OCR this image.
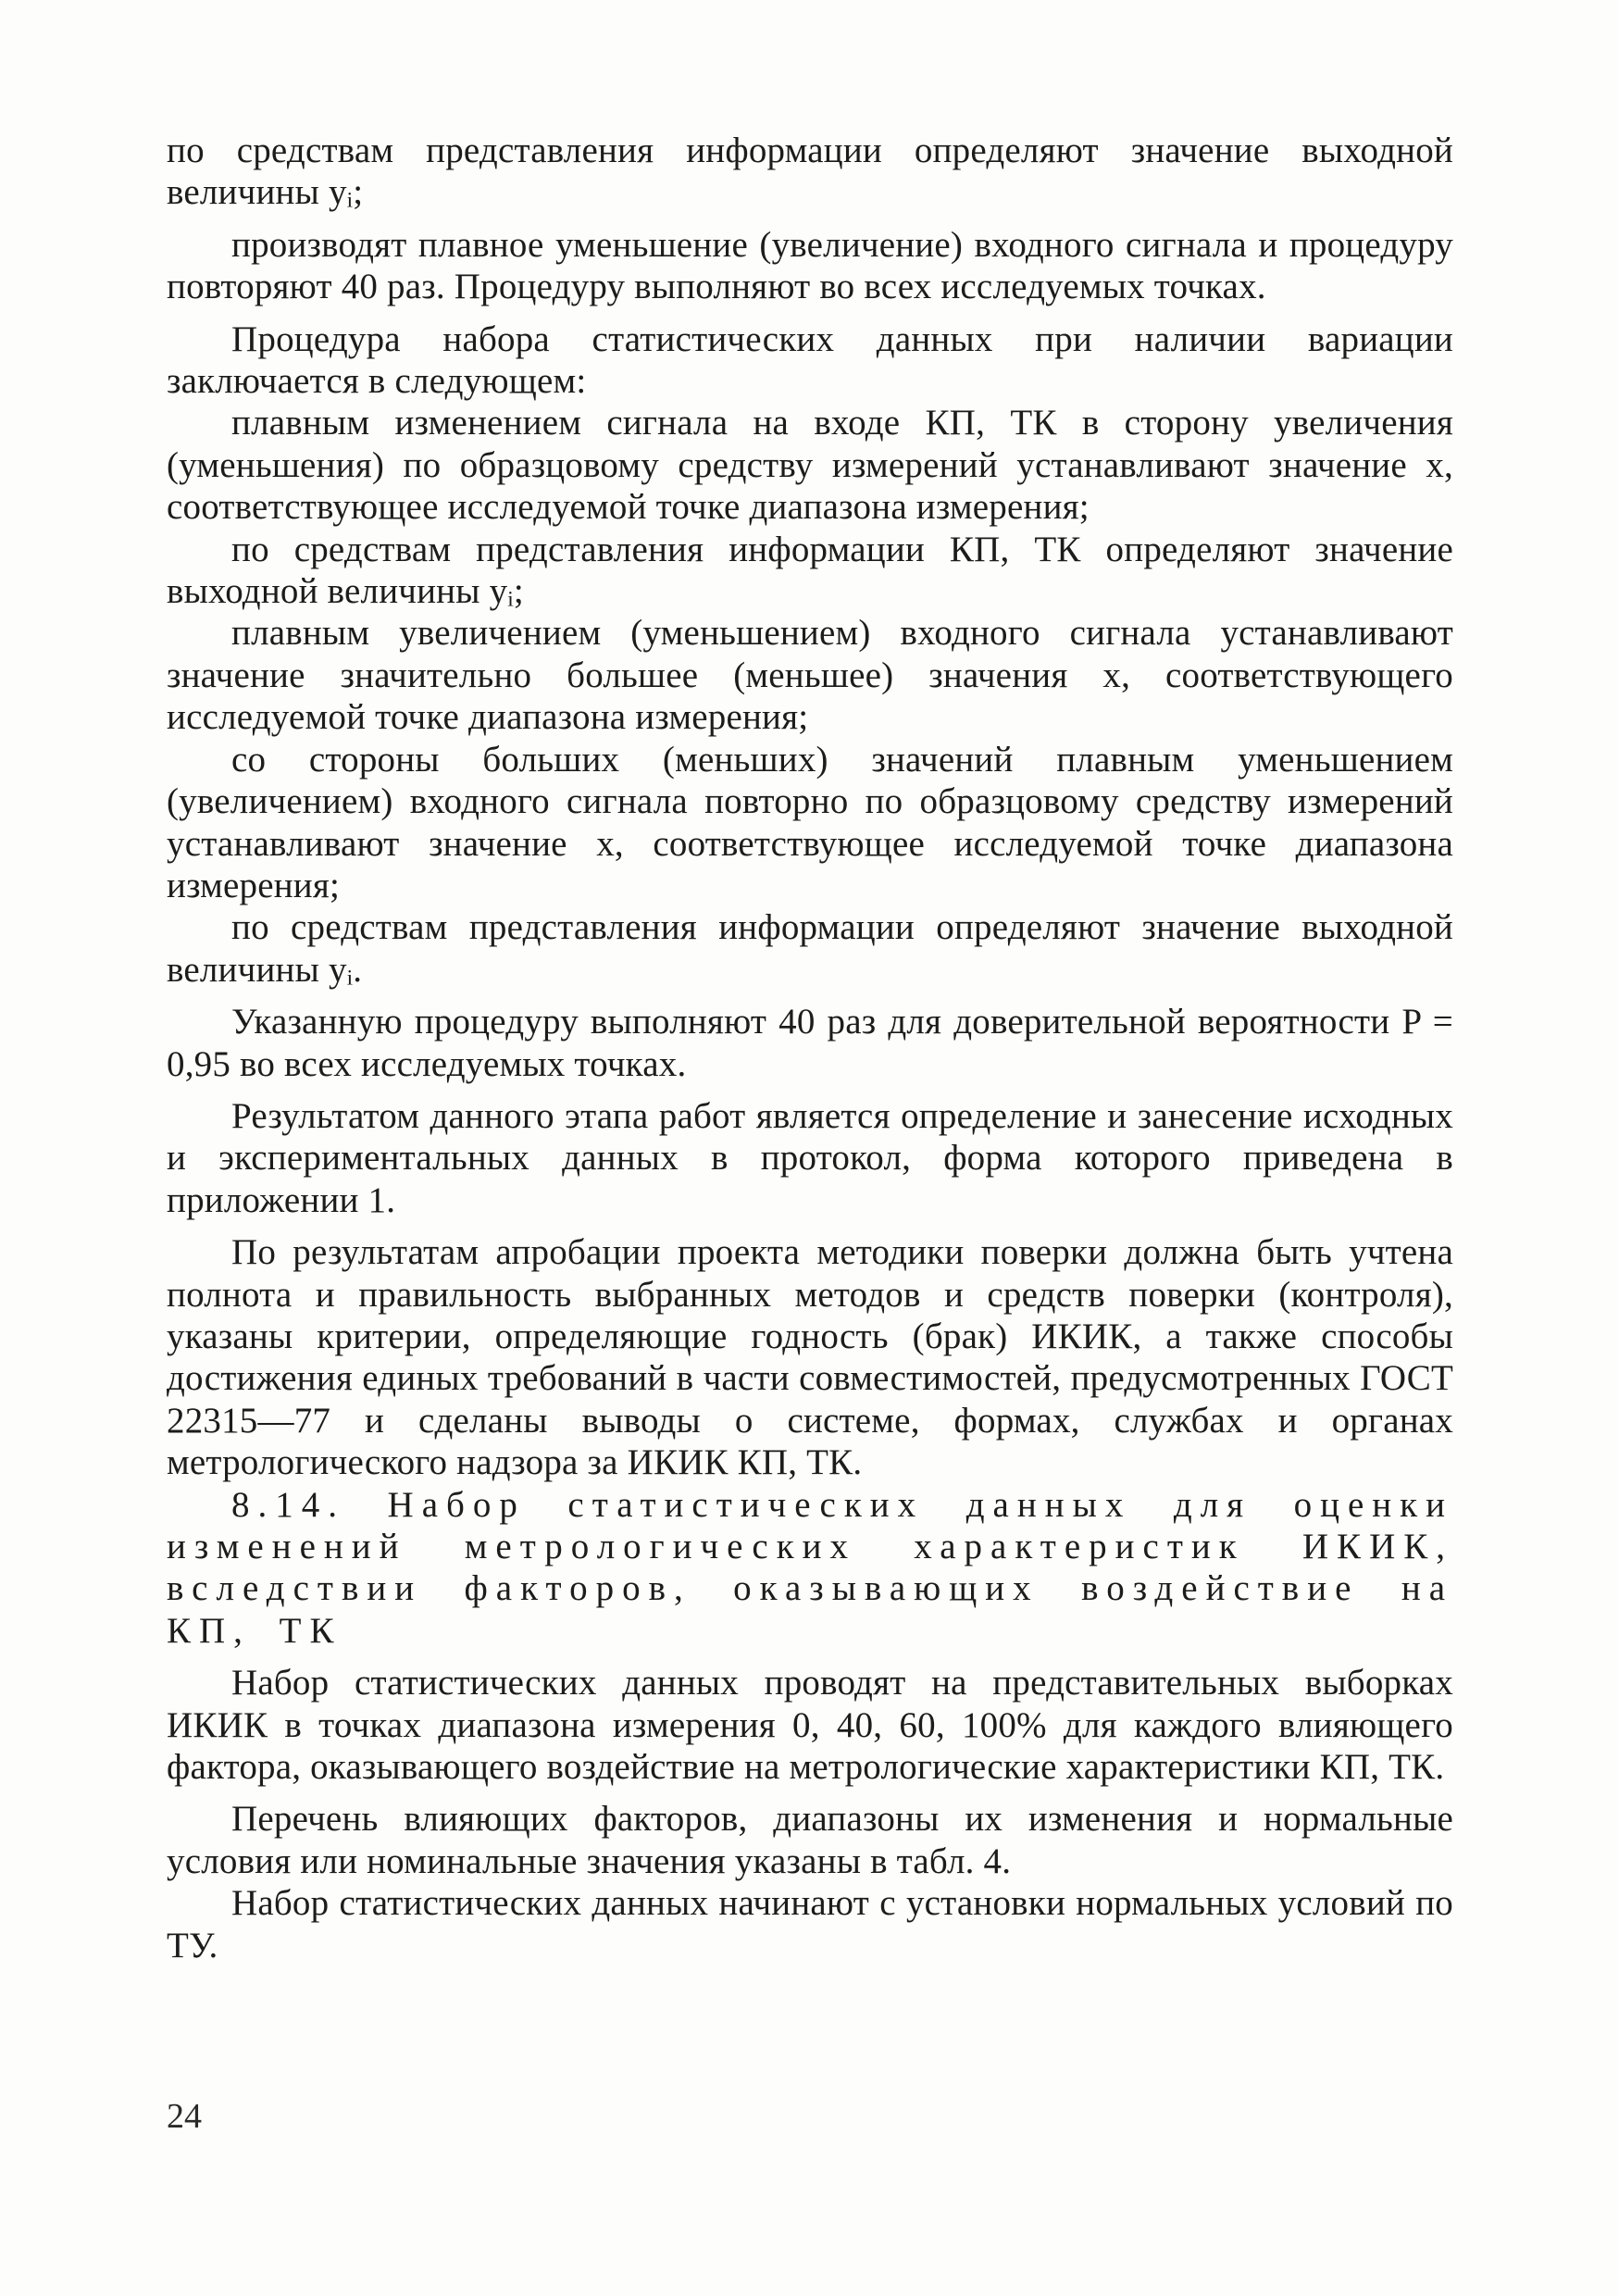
по средствам представления информации определяют значение выходной величины yᵢ;

производят плавное уменьшение (увеличение) входного сигнала и процедуру повторяют 40 раз. Процедуру выполняют во всех исследуемых точках.

Процедура набора статистических данных при наличии вариации заключается в следующем:

плавным изменением сигнала на входе КП, ТК в сторону увеличения (уменьшения) по образцовому средству измерений устанавливают значение x, соответствующее исследуемой точке диапазона измерения;

по средствам представления информации КП, ТК определяют значение выходной величины yᵢ;

плавным увеличением (уменьшением) входного сигнала устанавливают значение значительно большее (меньшее) значения x, соответствующего исследуемой точке диапазона измерения;

со стороны больших (меньших) значений плавным уменьшением (увеличением) входного сигнала повторно по образцовому средству измерений устанавливают значение x, соответствующее исследуемой точке диапазона измерения;

по средствам представления информации определяют значение выходной величины yᵢ.

Указанную процедуру выполняют 40 раз для доверительной вероятности P = 0,95 во всех исследуемых точках.

Результатом данного этапа работ является определение и занесение исходных и экспериментальных данных в протокол, форма которого приведена в приложении 1.

По результатам апробации проекта методики поверки должна быть учтена полнота и правильность выбранных методов и средств поверки (контроля), указаны критерии, определяющие годность (брак) ИКИК, а также способы достижения единых требований в части совместимостей, предусмотренных ГОСТ 22315—77 и сделаны выводы о системе, формах, службах и органах метрологического надзора за ИКИК КП, ТК.

8.14. Набор статистических данных для оценки изменений метрологических характеристик ИКИК, вследствии факторов, оказывающих воздействие на КП, ТК

Набор статистических данных проводят на представительных выборках ИКИК в точках диапазона измерения 0, 40, 60, 100% для каждого влияющего фактора, оказывающего воздействие на метрологические характеристики КП, ТК.

Перечень влияющих факторов, диапазоны их изменения и нормальные условия или номинальные значения указаны в табл. 4.

Набор статистических данных начинают с установки нормальных условий по ТУ.

24
